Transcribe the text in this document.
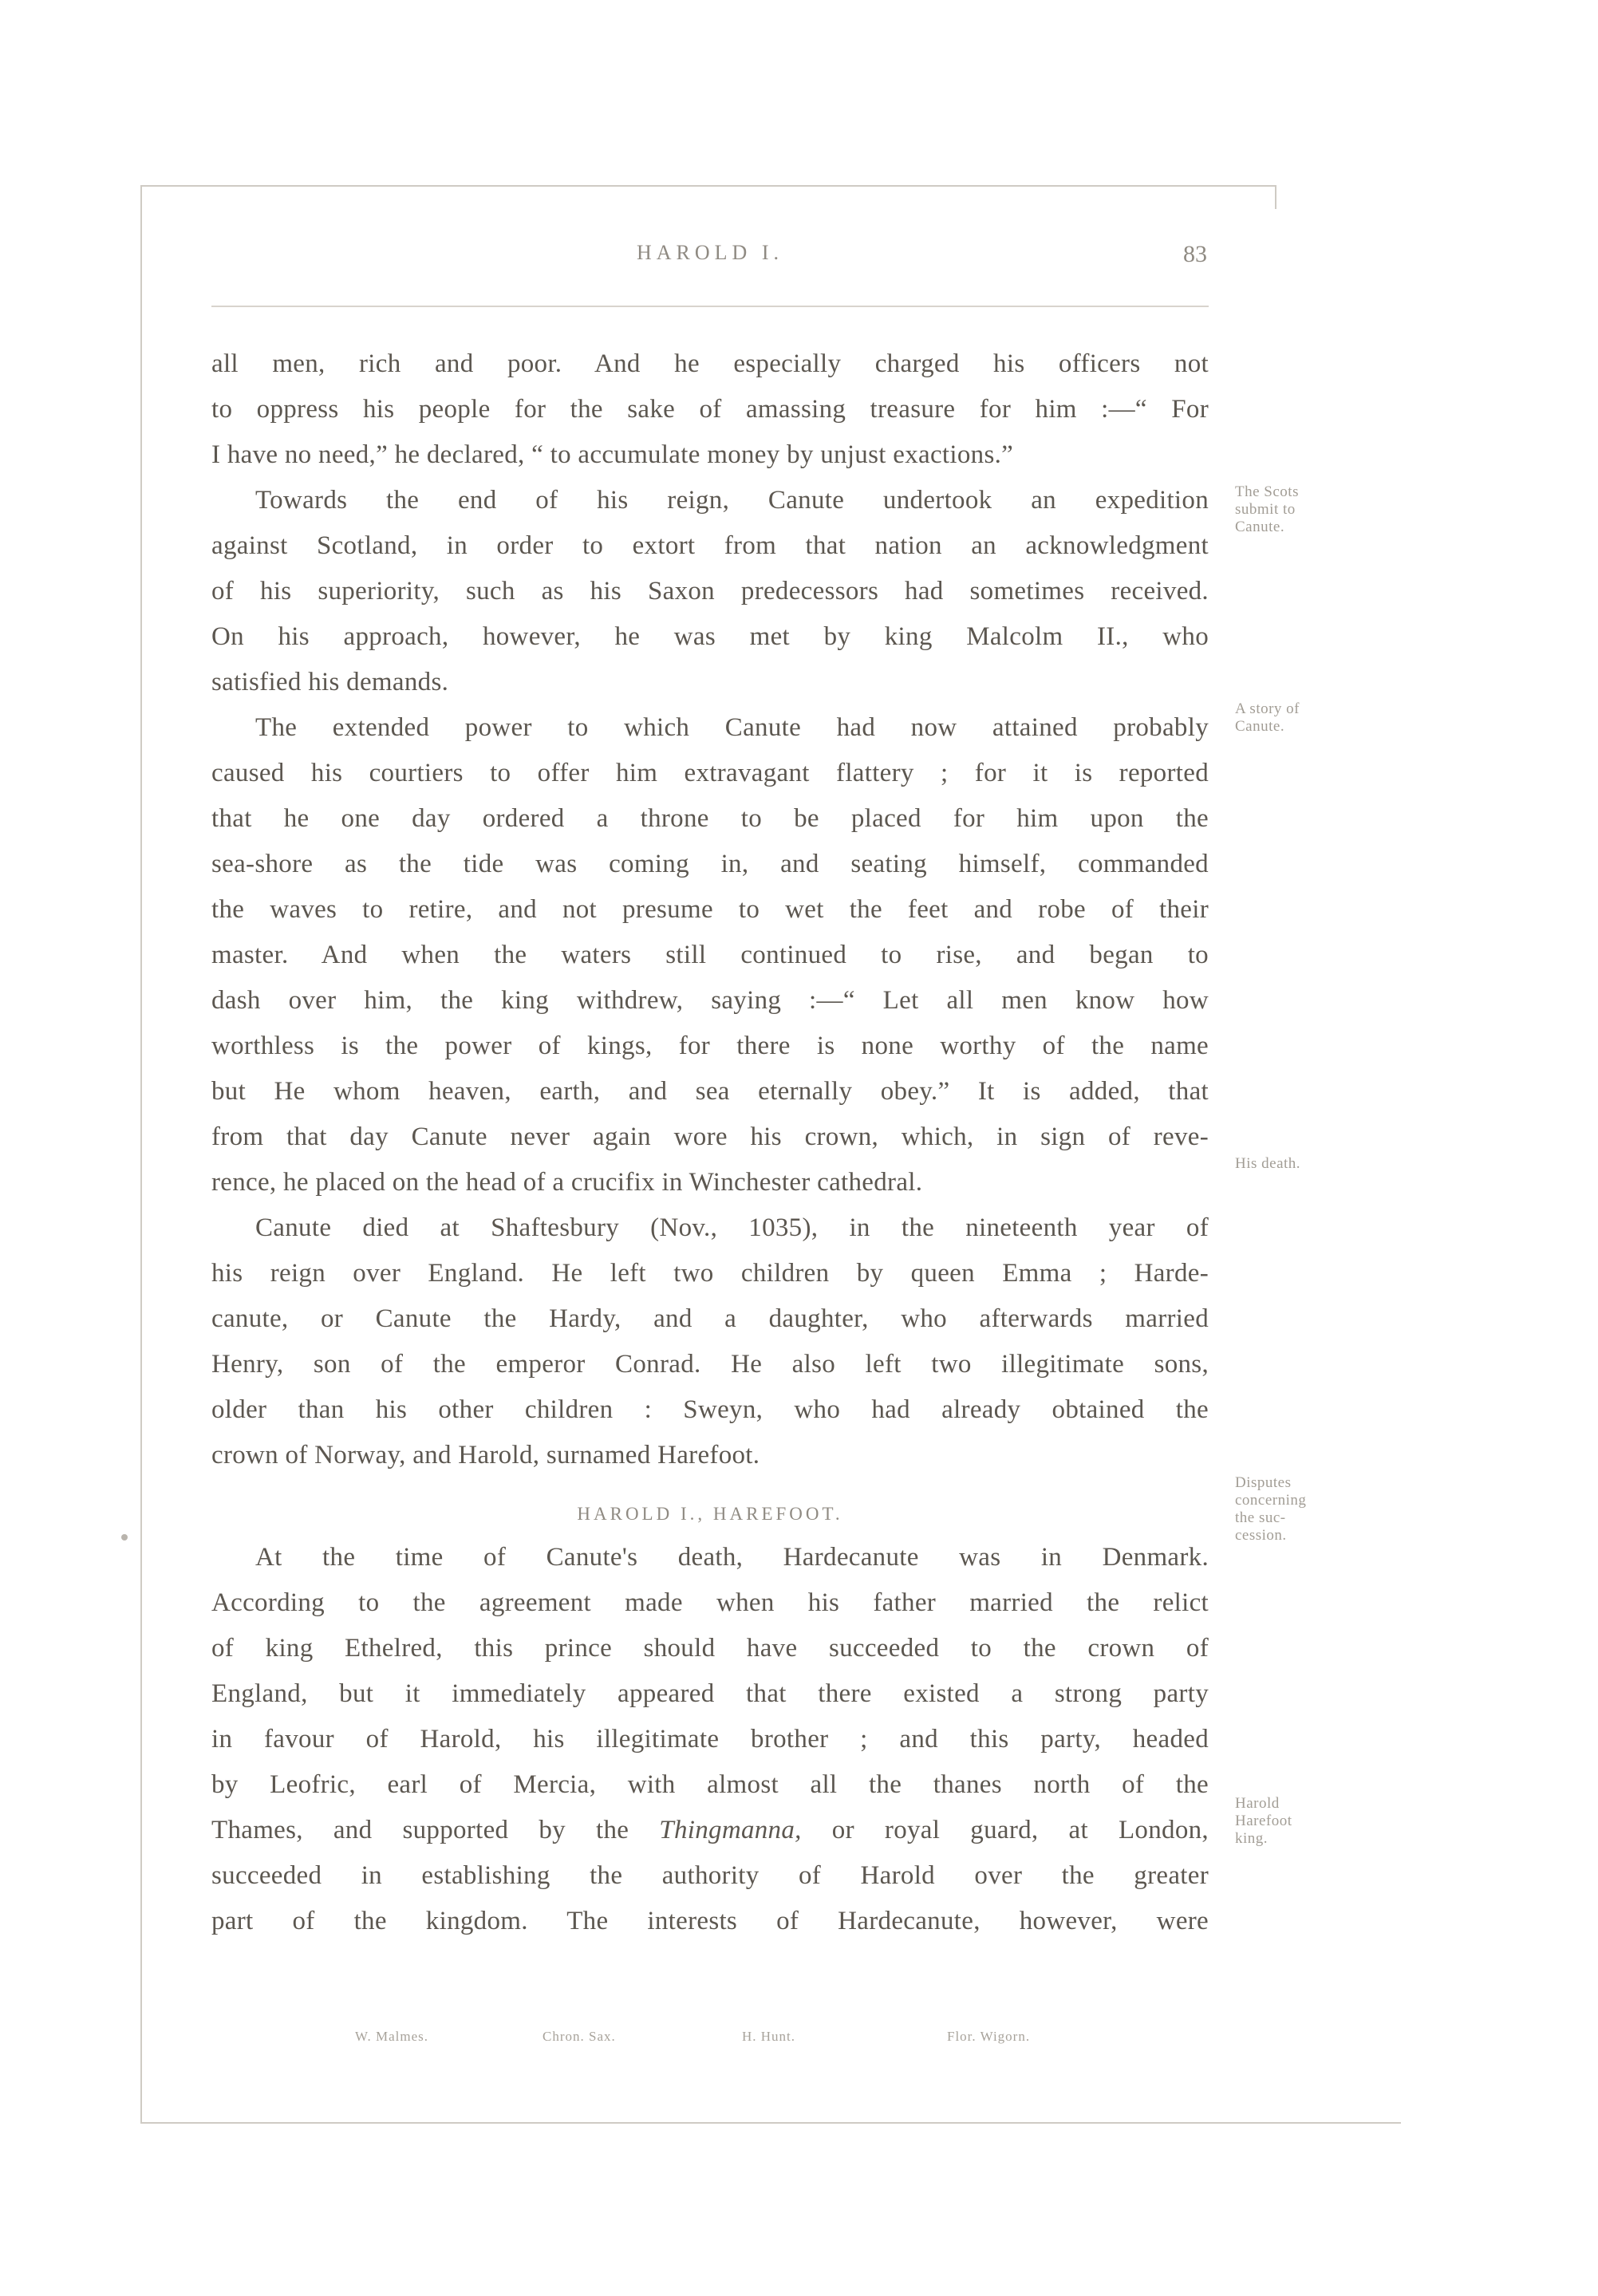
HAROLD I.	83
all men, rich and poor. And he especially charged his officers not
to oppress his people for the sake of amassing treasure for him :—“ For
I have no need,” he declared, “ to accumulate money by unjust exactions.”
Towards the end of his reign, Canute undertook an expedition
against Scotland, in order to extort from that nation an acknowledgment
of his superiority, such as his Saxon predecessors had sometimes received.
On his approach, however, he was met by king Malcolm II., who
satisfied his demands.
The extended power to which Canute had now attained probably
caused his courtiers to offer him extravagant flattery ; for it is reported
that he one day ordered a throne to be placed for him upon the
sea-shore as the tide was coming in, and seating himself, commanded
the waves to retire, and not presume to wet the feet and robe of their
master. And when the waters still continued to rise, and began to
dash over him, the king withdrew, saying :—“ Let all men know how
worthless is the power of kings, for there is none worthy of the name
but He whom heaven, earth, and sea eternally obey.” It is added, that
from that day Canute never again wore his crown, which, in sign of reve-
rence, he placed on the head of a crucifix in Winchester cathedral.
Canute died at Shaftesbury (Nov., 1035), in the nineteenth year of
his reign over England. He left two children by queen Emma ; Harde-
canute, or Canute the Hardy, and a daughter, who afterwards married
Henry, son of the emperor Conrad. He also left two illegitimate sons,
older than his other children : Sweyn, who had already obtained the
crown of Norway, and Harold, surnamed Harefoot.
HAROLD I., HAREFOOT.
At the time of Canute's death, Hardecanute was in Denmark.
According to the agreement made when his father married the relict
of king Ethelred, this prince should have succeeded to the crown of
England, but it immediately appeared that there existed a strong party
in favour of Harold, his illegitimate brother ; and this party, headed
by Leofric, earl of Mercia, with almost all the thanes north of the
Thames, and supported by the Thingmanna, or royal guard, at London,
succeeded in establishing the authority of Harold over the greater
part of the kingdom. The interests of Hardecanute, however, were
The Scots
submit to
Canute.
A story of
Canute.
His death.
Disputes
concerning
the suc-
cession.
Harold
Harefoot
king.
W. Malmes.	Chron. Sax.	H. Hunt.	Flor. Wigorn.
